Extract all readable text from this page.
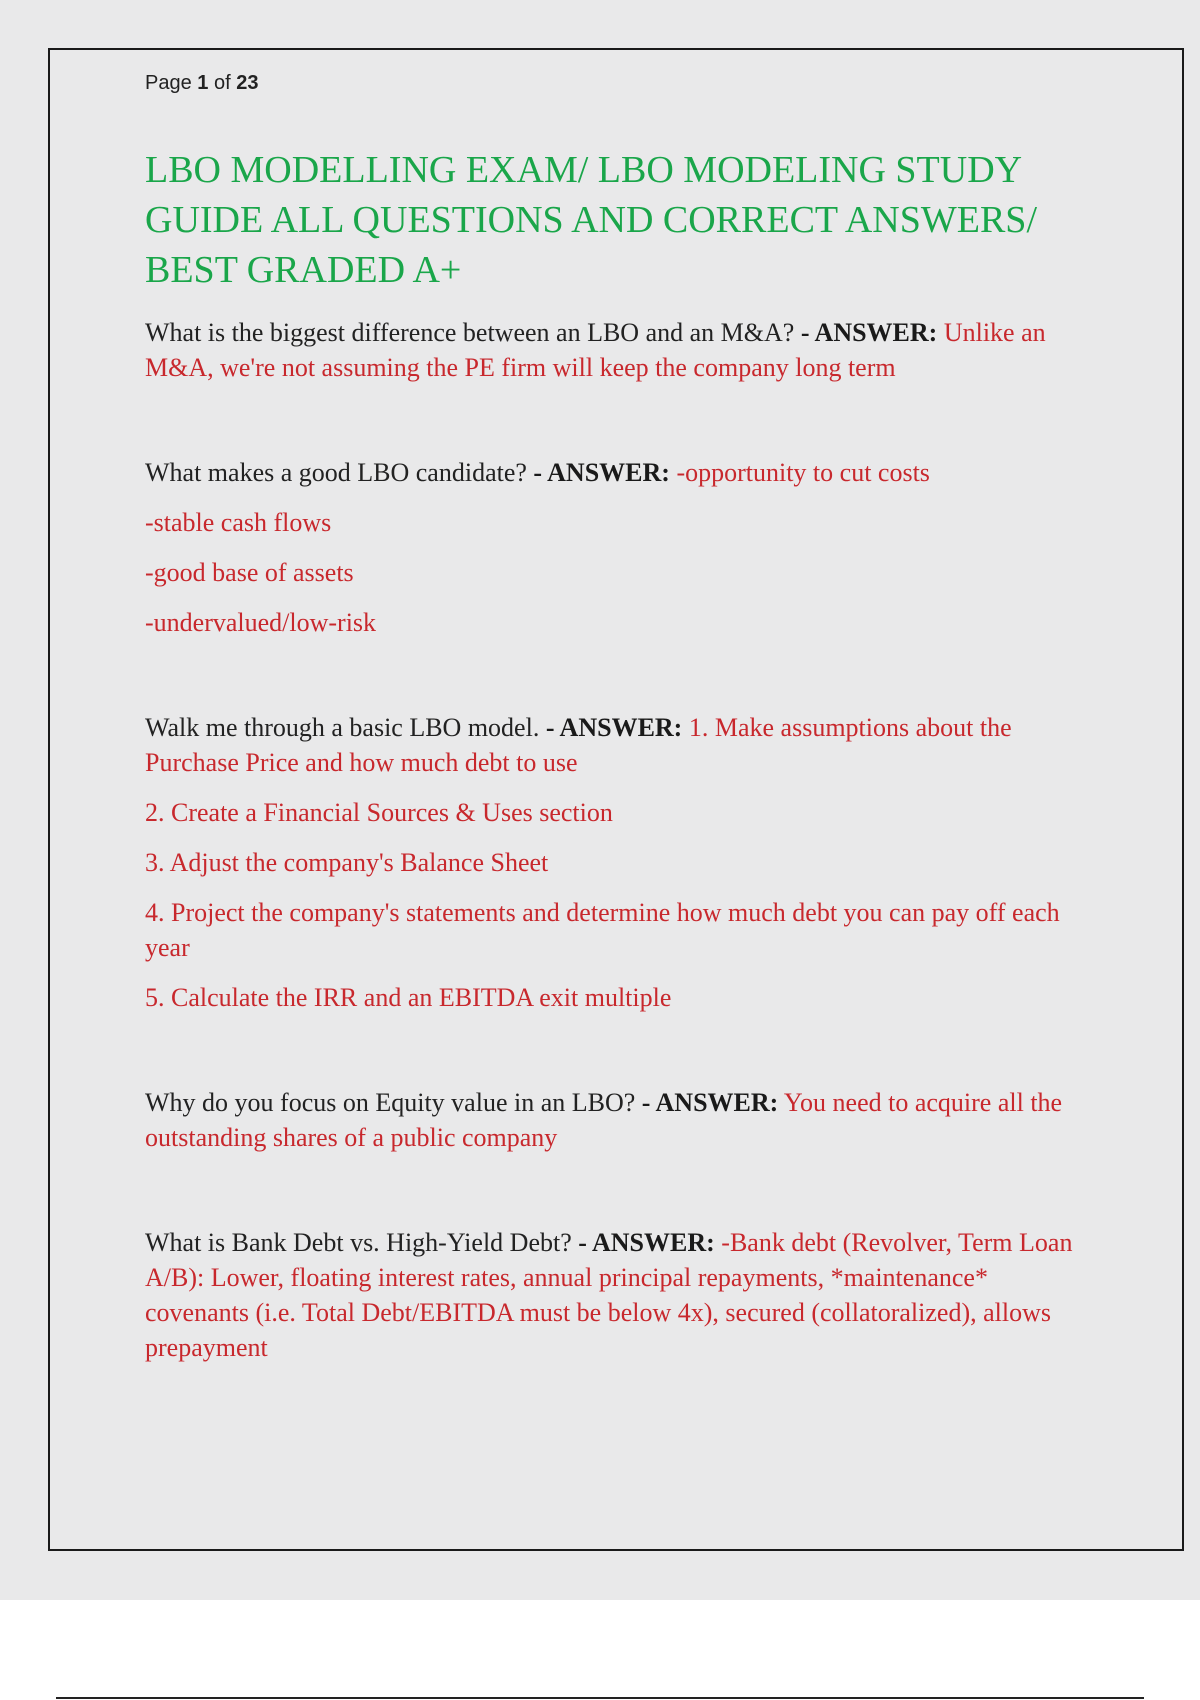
Page 1 of 23
LBO MODELLING EXAM/ LBO MODELING STUDY GUIDE ALL QUESTIONS AND CORRECT ANSWERS/ BEST GRADED A+

What is the biggest difference between an LBO and an M&A? - ANSWER: Unlike an M&A, we're not assuming the PE firm will keep the company long term

What makes a good LBO candidate? - ANSWER: -opportunity to cut costs

-stable cash flows

-good base of assets

-undervalued/low-risk

Walk me through a basic LBO model. - ANSWER: 1. Make assumptions about the Purchase Price and how much debt to use

2. Create a Financial Sources & Uses section

3. Adjust the company's Balance Sheet

4. Project the company's statements and determine how much debt you can pay off each year

5. Calculate the IRR and an EBITDA exit multiple

Why do you focus on Equity value in an LBO? - ANSWER: You need to acquire all the outstanding shares of a public company

What is Bank Debt vs. High-Yield Debt? - ANSWER: -Bank debt (Revolver, Term Loan A/B): Lower, floating interest rates, annual principal repayments, *maintenance* covenants (i.e. Total Debt/EBITDA must be below 4x), secured (collatoralized), allows prepayment
